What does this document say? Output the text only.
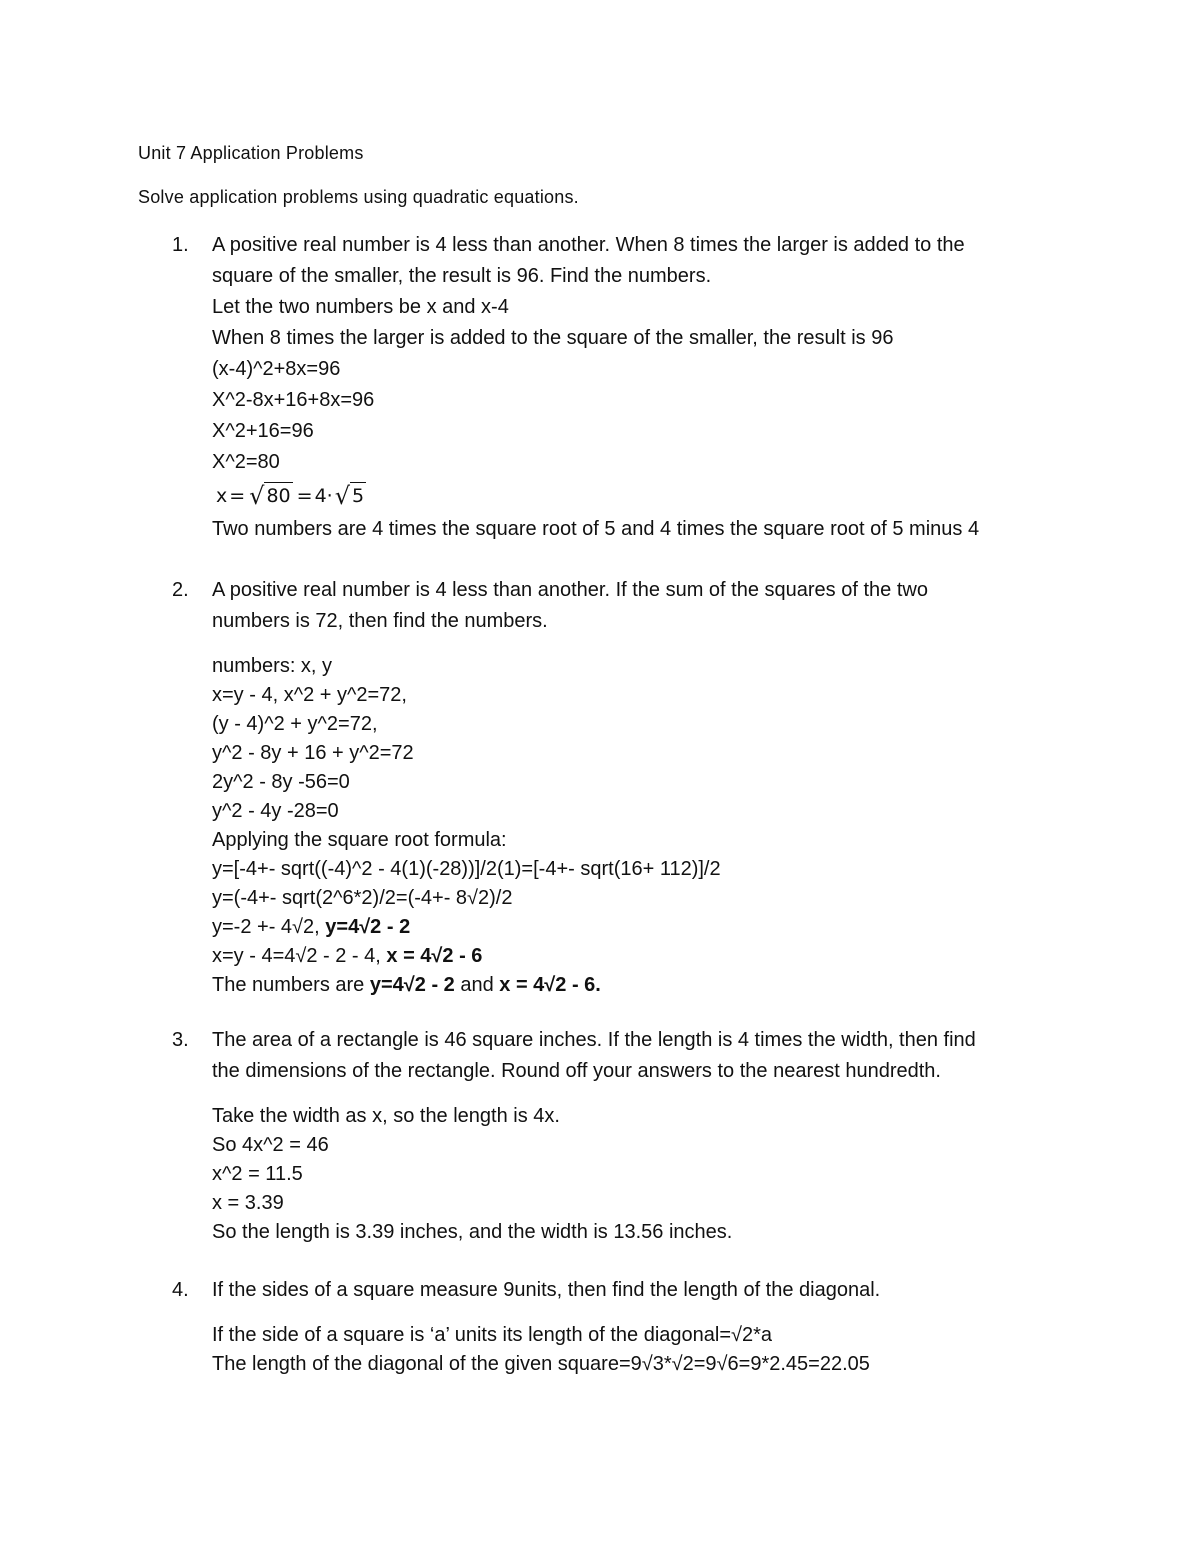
Unit 7 Application Problems
Solve application problems using quadratic equations.
1. A positive real number is 4 less than another. When 8 times the larger is added to the

square of the smaller, the result is 96. Find the numbers.

Let the two numbers be x and x-4

When 8 times the larger is added to the square of the smaller, the result is 96

(x-4)^2+8x=96

X^2-8x+16+8x=96

X^2+16=96

X^2=80

x = √ 80 = 4· √ 5

Two numbers are 4 times the square root of 5 and 4 times the square root of 5 minus 4

2. A positive real number is 4 less than another. If the sum of the squares of the two

numbers is 72, then find the numbers.

numbers: x, y

x=y - 4, x^2 + y^2=72,

(y - 4)^2 + y^2=72,

y^2 - 8y + 16 + y^2=72

2y^2 - 8y -56=0

y^2 - 4y -28=0

Applying the square root formula:

y=[-4+- sqrt((-4)^2 - 4(1)(-28))]/2(1)=[-4+- sqrt(16+ 112)]/2

y=(-4+- sqrt(2^6*2)/2=(-4+- 8√2)/2

y=-2 +- 4√2, y=4√2 - 2

x=y - 4=4√2 - 2 - 4, x = 4√2 - 6

The numbers are y=4√2 - 2 and x = 4√2 - 6.

3. The area of a rectangle is 46 square inches. If the length is 4 times the width, then find

the dimensions of the rectangle. Round off your answers to the nearest hundredth.

Take the width as x, so the length is 4x.

So 4x^2 = 46

x^2 = 11.5

x = 3.39

So the length is 3.39 inches, and the width is 13.56 inches.

4. If the sides of a square measure 9units, then find the length of the diagonal.

If the side of a square is ‘a’ units its length of the diagonal=√2*a

The length of the diagonal of the given square=9√3*√2=9√6=9*2.45=22.05
